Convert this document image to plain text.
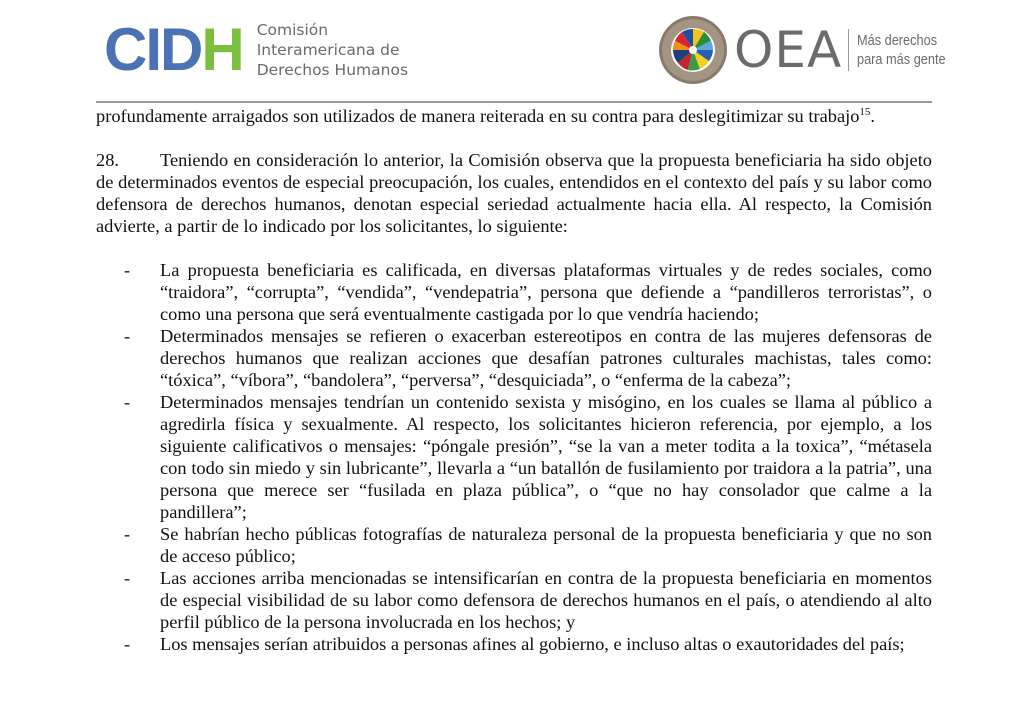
CIDH Comisión
Interamericana de
Derechos Humanos	OEA Más derechos
para más gente

profundamente arraigados son utilizados de manera reiterada en su contra para deslegitimizar su trabajo$^{15}$.

28. Teniendo en consideración lo anterior, la Comisión observa que la propuesta beneficiaria ha sido objeto de determinados eventos de especial preocupación, los cuales, entendidos en el contexto del país y su labor como defensora de derechos humanos, denotan especial seriedad actualmente hacia ella. Al respecto, la Comisión advierte, a partir de lo indicado por los solicitantes, lo siguiente:

- La propuesta beneficiaria es calificada, en diversas plataformas virtuales y de redes sociales, como “traidora”, “corrupta”, “vendida”, “vendepatria”, persona que defiende a “pandilleros terroristas”, o como una persona que será eventualmente castigada por lo que vendría haciendo;
- Determinados mensajes se refieren o exacerban estereotipos en contra de las mujeres defensoras de derechos humanos que realizan acciones que desafían patrones culturales machistas, tales como: “tóxica”, “víbora”, “bandolera”, “perversa”, “desquiciada”, o “enferma de la cabeza”;
- Determinados mensajes tendrían un contenido sexista y misógino, en los cuales se llama al público a agredirla física y sexualmente. Al respecto, los solicitantes hicieron referencia, por ejemplo, a los siguiente calificativos o mensajes: “póngale presión”, “se la van a meter todita a la toxica”, “métasela con todo sin miedo y sin lubricante”, llevarla a “un batallón de fusilamiento por traidora a la patria”, una persona que merece ser “fusilada en plaza pública”, o “que no hay consolador que calme a la pandillera”;
- Se habrían hecho públicas fotografías de naturaleza personal de la propuesta beneficiaria y que no son de acceso público;
- Las acciones arriba mencionadas se intensificarían en contra de la propuesta beneficiaria en momentos de especial visibilidad de su labor como defensora de derechos humanos en el país, o atendiendo al alto perfil público de la persona involucrada en los hechos; y
- Los mensajes serían atribuidos a personas afines al gobierno, e incluso altas o exautoridades del país;
